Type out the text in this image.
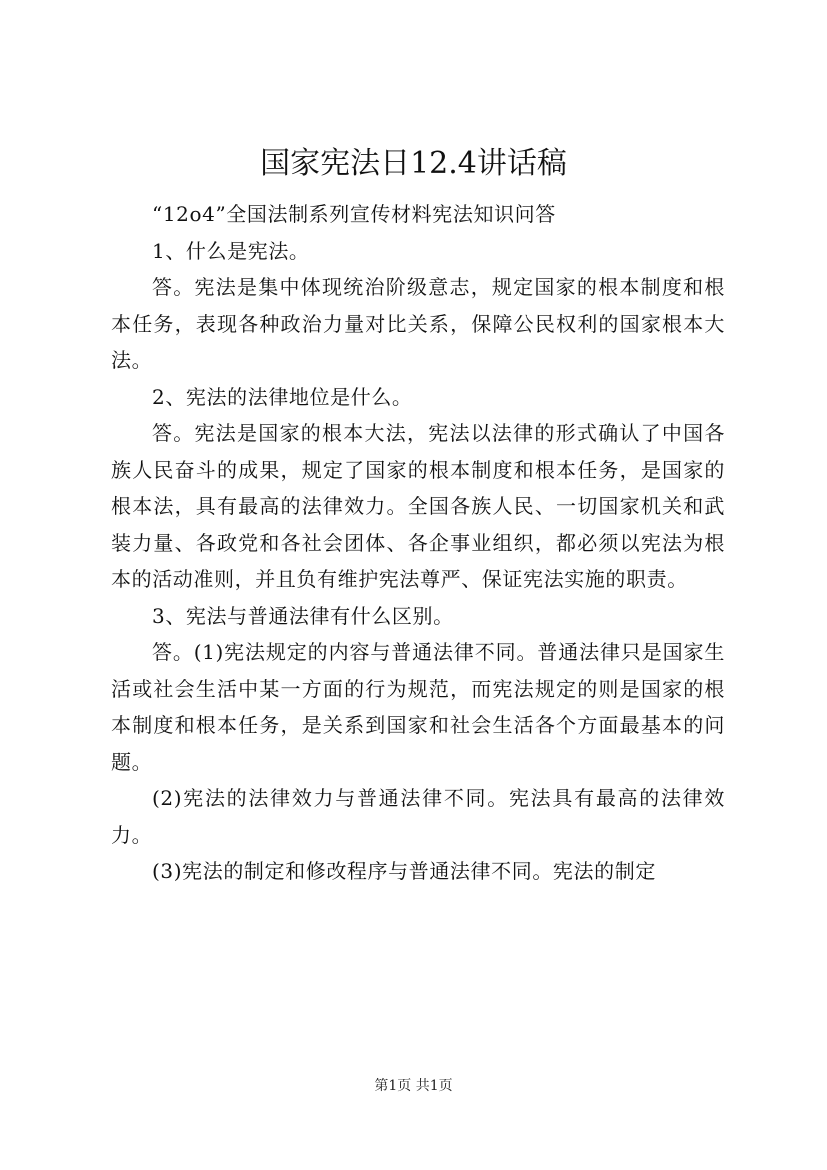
国家宪法日12.4讲话稿

“12o4”全国法制系列宣传材料宪法知识问答

1、什么是宪法。

答。宪法是集中体现统治阶级意志，规定国家的根本制度和根本任务，表现各种政治力量对比关系，保障公民权利的国家根本大法。

2、宪法的法律地位是什么。

答。宪法是国家的根本大法，宪法以法律的形式确认了中国各族人民奋斗的成果，规定了国家的根本制度和根本任务，是国家的根本法，具有最高的法律效力。全国各族人民、一切国家机关和武装力量、各政党和各社会团体、各企事业组织，都必须以宪法为根本的活动准则，并且负有维护宪法尊严、保证宪法实施的职责。

3、宪法与普通法律有什么区别。

答。(1)宪法规定的内容与普通法律不同。普通法律只是国家生活或社会生活中某一方面的行为规范，而宪法规定的则是国家的根本制度和根本任务，是关系到国家和社会生活各个方面最基本的问题。

(2)宪法的法律效力与普通法律不同。宪法具有最高的法律效力。

(3)宪法的制定和修改程序与普通法律不同。宪法的制定

第1页 共1页
